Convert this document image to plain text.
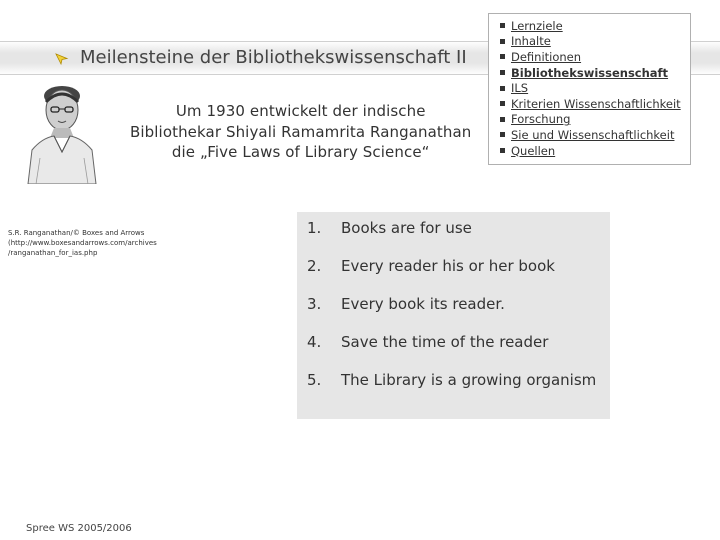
Meilensteine der Bibliothekswissenschaft II
S.R. Ranganathan/© Boxes and Arrows
(http://www.boxesandarrows.com/archives
/ranganathan_for_ias.php
Um 1930 entwickelt der indische
Bibliothekar Shiyali Ramamrita Ranganathan
die „Five Laws of Library Science“
Lernziele
Inhalte
Definitionen
Bibliothekswissenschaft
ILS
Kriterien Wissenschaftlichkeit
Forschung
Sie und Wissenschaftlichkeit
Quellen
1. Books are for use
2. Every reader his or her book
3. Every book its reader.
4. Save the time of the reader
5. The Library is a growing organism
Spree WS 2005/2006
